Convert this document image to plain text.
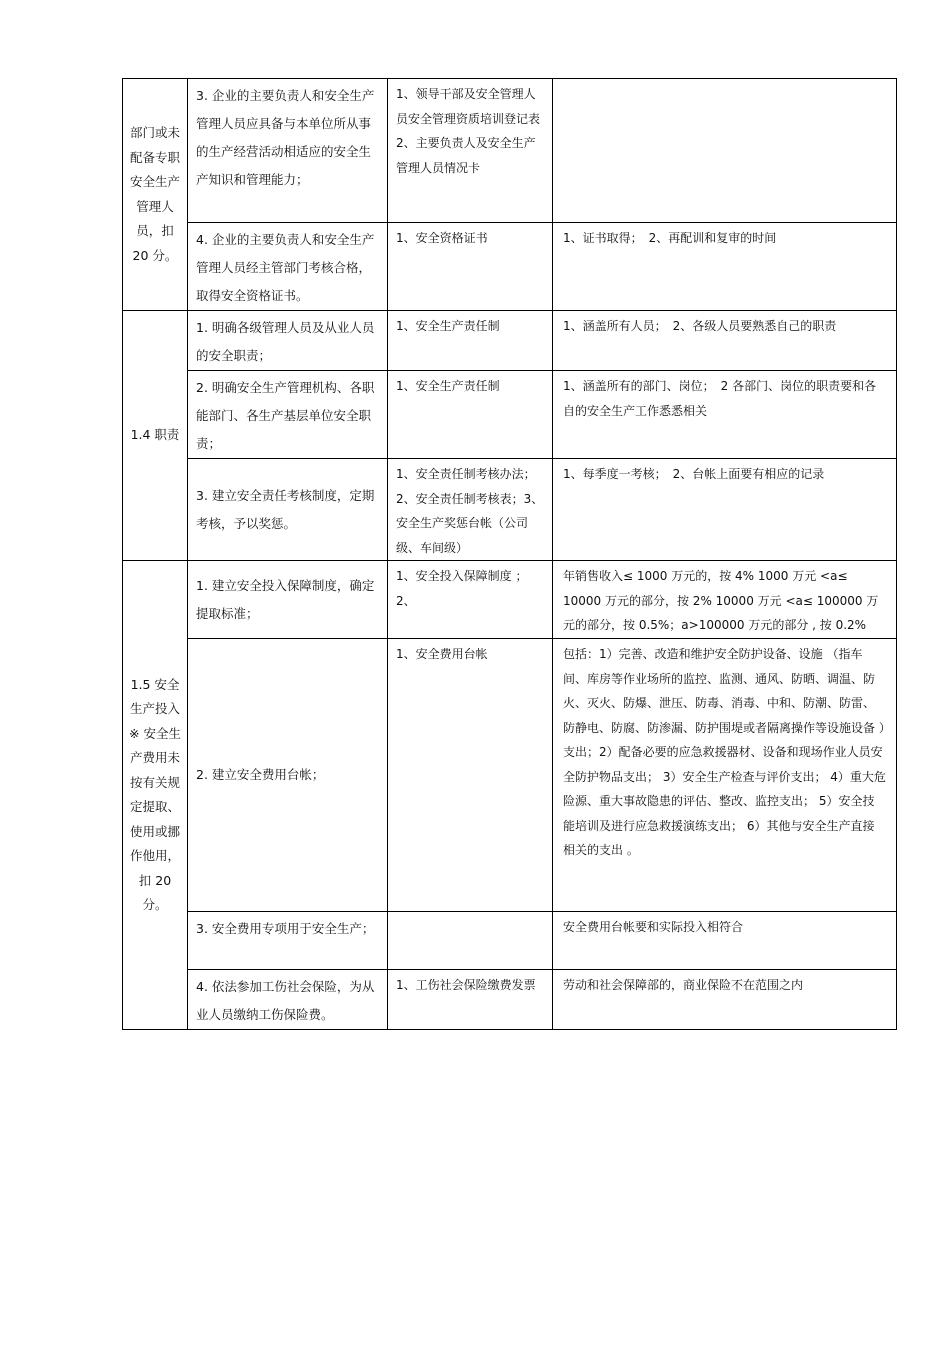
部门或未配备专职安全生产管理人员，扣 20 分。	3. 企业的主要负责人和安全生产管理人员应具备与本单位所从事的生产经营活动相适应的安全生产知识和管理能力；	1、领导干部及安全管理人员安全管理资质培训登记表 2、主要负责人及安全生产管理人员情况卡	

	4. 企业的主要负责人和安全生产管理人员经主管部门考核合格，取得安全资格证书。	1、安全资格证书	1、证书取得；　2、再配训和复审的时间

1.4 职责	1. 明确各级管理人员及从业人员的安全职责；	1、安全生产责任制	1、涵盖所有人员；　2、各级人员要熟悉自己的职责

	2. 明确安全生产管理机构、各职能部门、各生产基层单位安全职责；	1、安全生产责任制	1、涵盖所有的部门、岗位；　2 各部门、岗位的职责要和各自的安全生产工作悉悉相关

	3. 建立安全责任考核制度，定期考核，予以奖惩。	1、安全责任制考核办法；2、安全责任制考核表；3、安全生产奖惩台帐（公司级、车间级）	1、每季度一考核；　2、台帐上面要有相应的记录

1.5 安全生产投入 ※ 安全生产费用未按有关规定提取、使用或挪作他用，扣 20 分。	1. 建立安全投入保障制度，确定提取标准；	1、安全投入保障制度 ；2、	年销售收入≤ 1000 万元的，按 4% 1000 万元 <a≤ 10000 万元的部分，按 2% 10000 万元 <a≤ 100000 万元的部分，按 0.5%；a>100000 万元的部分 , 按 0.2%

	2. 建立安全费用台帐；	1、安全费用台帐	包括：1）完善、改造和维护安全防护设备、设施 （指车间、库房等作业场所的监控、监测、通风、防晒、调温、防火、灭火、防爆、泄压、防毒、消毒、中和、防潮、防雷、防静电、防腐、防渗漏、防护围堤或者隔离操作等设施设备 ）支出；2）配备必要的应急救援器材、设备和现场作业人员安全防护物品支出； 3）安全生产检查与评价支出； 4）重大危险源、重大事故隐患的评估、整改、监控支出； 5）安全技能培训及进行应急救援演练支出； 6）其他与安全生产直接相关的支出 。

	3. 安全费用专项用于安全生产；		安全费用台帐要和实际投入相符合

	4. 依法参加工伤社会保险，为从业人员缴纳工伤保险费。	1、工伤社会保险缴费发票	劳动和社会保障部的，商业保险不在范围之内
